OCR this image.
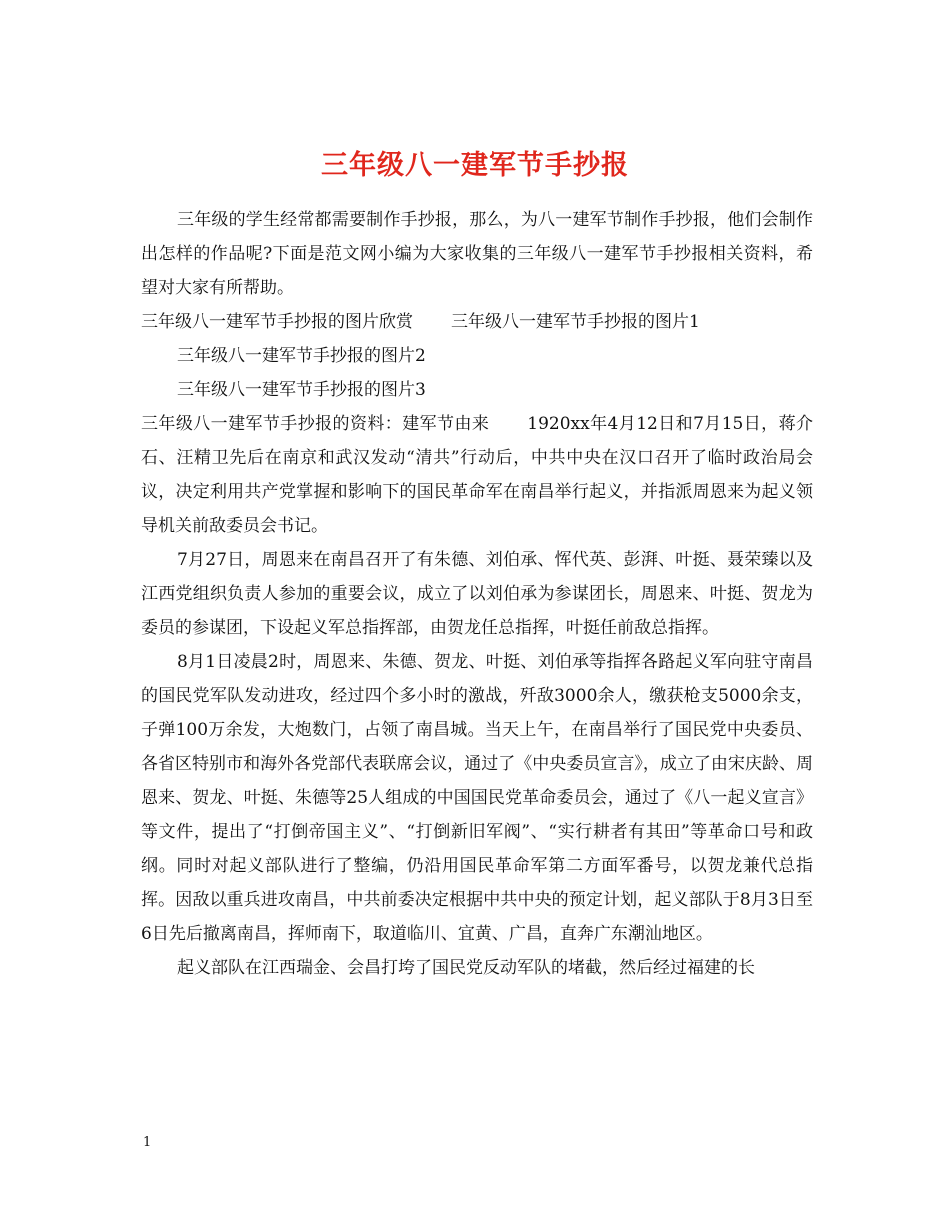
三年级八一建军节手抄报

三年级的学生经常都需要制作手抄报，那么，为八一建军节制作手抄报，他们会制作出怎样的作品呢?下面是范文网小编为大家收集的三年级八一建军节手抄报相关资料，希望对大家有所帮助。

三年级八一建军节手抄报的图片欣赏 三年级八一建军节手抄报的图片1

三年级八一建军节手抄报的图片2

三年级八一建军节手抄报的图片3

三年级八一建军节手抄报的资料：建军节由来 1920xx年4月12日和7月15日，蒋介石、汪精卫先后在南京和武汉发动“清共”行动后，中共中央在汉口召开了临时政治局会议，决定利用共产党掌握和影响下的国民革命军在南昌举行起义，并指派周恩来为起义领导机关前敌委员会书记。

7月27日，周恩来在南昌召开了有朱德、刘伯承、恽代英、彭湃、叶挺、聂荣臻以及江西党组织负责人参加的重要会议，成立了以刘伯承为参谋团长，周恩来、叶挺、贺龙为委员的参谋团，下设起义军总指挥部，由贺龙任总指挥，叶挺任前敌总指挥。

8月1日凌晨2时，周恩来、朱德、贺龙、叶挺、刘伯承等指挥各路起义军向驻守南昌的国民党军队发动进攻，经过四个多小时的激战，歼敌3000余人，缴获枪支5000余支，子弹100万余发，大炮数门，占领了南昌城。当天上午，在南昌举行了国民党中央委员、各省区特别市和海外各党部代表联席会议，通过了《中央委员宣言》，成立了由宋庆龄、周恩来、贺龙、叶挺、朱德等25人组成的中国国民党革命委员会，通过了《八一起义宣言》等文件，提出了“打倒帝国主义”、“打倒新旧军阀”、“实行耕者有其田”等革命口号和政纲。同时对起义部队进行了整编，仍沿用国民革命军第二方面军番号，以贺龙兼代总指挥。因敌以重兵进攻南昌，中共前委决定根据中共中央的预定计划，起义部队于8月3日至6日先后撤离南昌，挥师南下，取道临川、宜黄、广昌，直奔广东潮汕地区。

起义部队在江西瑞金、会昌打垮了国民党反动军队的堵截，然后经过福建的长

1
